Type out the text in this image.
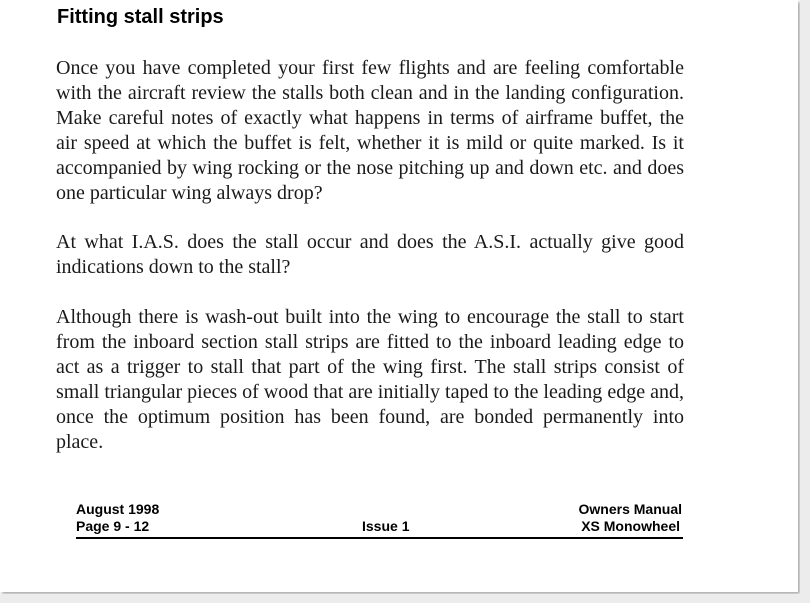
Fitting stall strips

Once you have completed your first few flights and are feeling comfortable with the aircraft review the stalls both clean and in the landing configuration. Make careful notes of exactly what happens in terms of airframe buffet, the air speed at which the buffet is felt, whether it is mild or quite marked. Is it accompanied by wing rocking or the nose pitching up and down etc. and does one particular wing always drop?

At what I.A.S. does the stall occur and does the A.S.I. actually give good indications down to the stall?

Although there is wash-out built into the wing to encourage the stall to start from the inboard section stall strips are fitted to the inboard leading edge to act as a trigger to stall that part of the wing first. The stall strips consist of small triangular pieces of wood that are initially taped to the leading edge and, once the optimum position has been found, are bonded permanently into place.

August 1998
Page 9 - 12	Issue 1
Owners Manual
XS Monowheel
